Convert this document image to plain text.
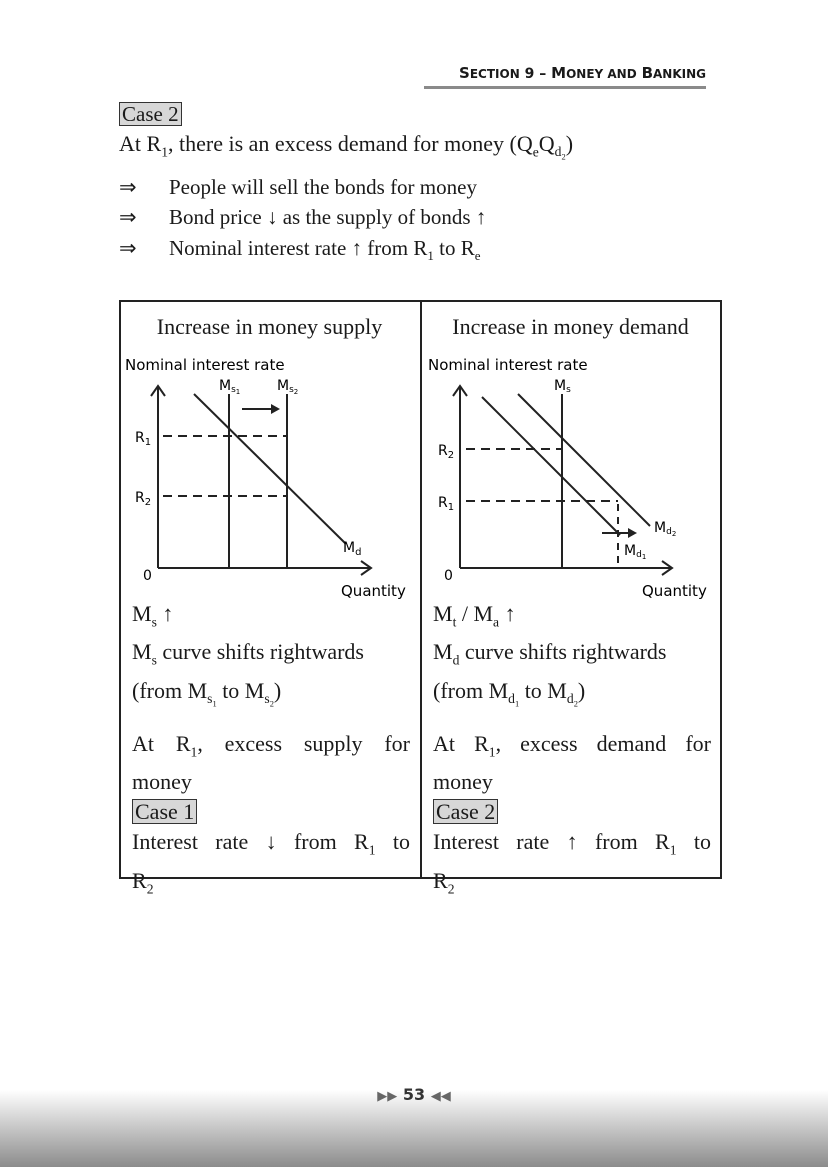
SECTION 9 – MONEY AND BANKING
Case 2
At $R_1$, there is an excess demand for money $(Q_eQ_{d_2})$
⇒ People will sell the bonds for money
⇒ Bond price ↓ as the supply of bonds ↑
⇒ Nominal interest rate ↑ from $R_1$ to $R_e$
Increase in money supply
Nominal interest rate
0
Quantity
$R_1$
$R_2$
Ms1	Ms2
$M_d$
$M_s$ ↑
$M_s$ curve shifts rightwards
(from $M_{s_1}$ to $M_{s_2}$)
At $R_1$, excess supply for
money
Case 1
Interest rate ↓ from $R_1$ to
$R_2$
Increase in money demand
Nominal interest rate
0
Quantity
$R_2$
$R_1$
Ms
Md2
Md1
$M_t / M_a$ ↑
$M_d$ curve shifts rightwards
(from $M_{d_1}$ to $M_{d_2}$)
At $R_1$, excess demand for
money
Case 2
Interest rate ↑ from $R_1$ to
$R_2$
▶▶ 53 ◀◀
